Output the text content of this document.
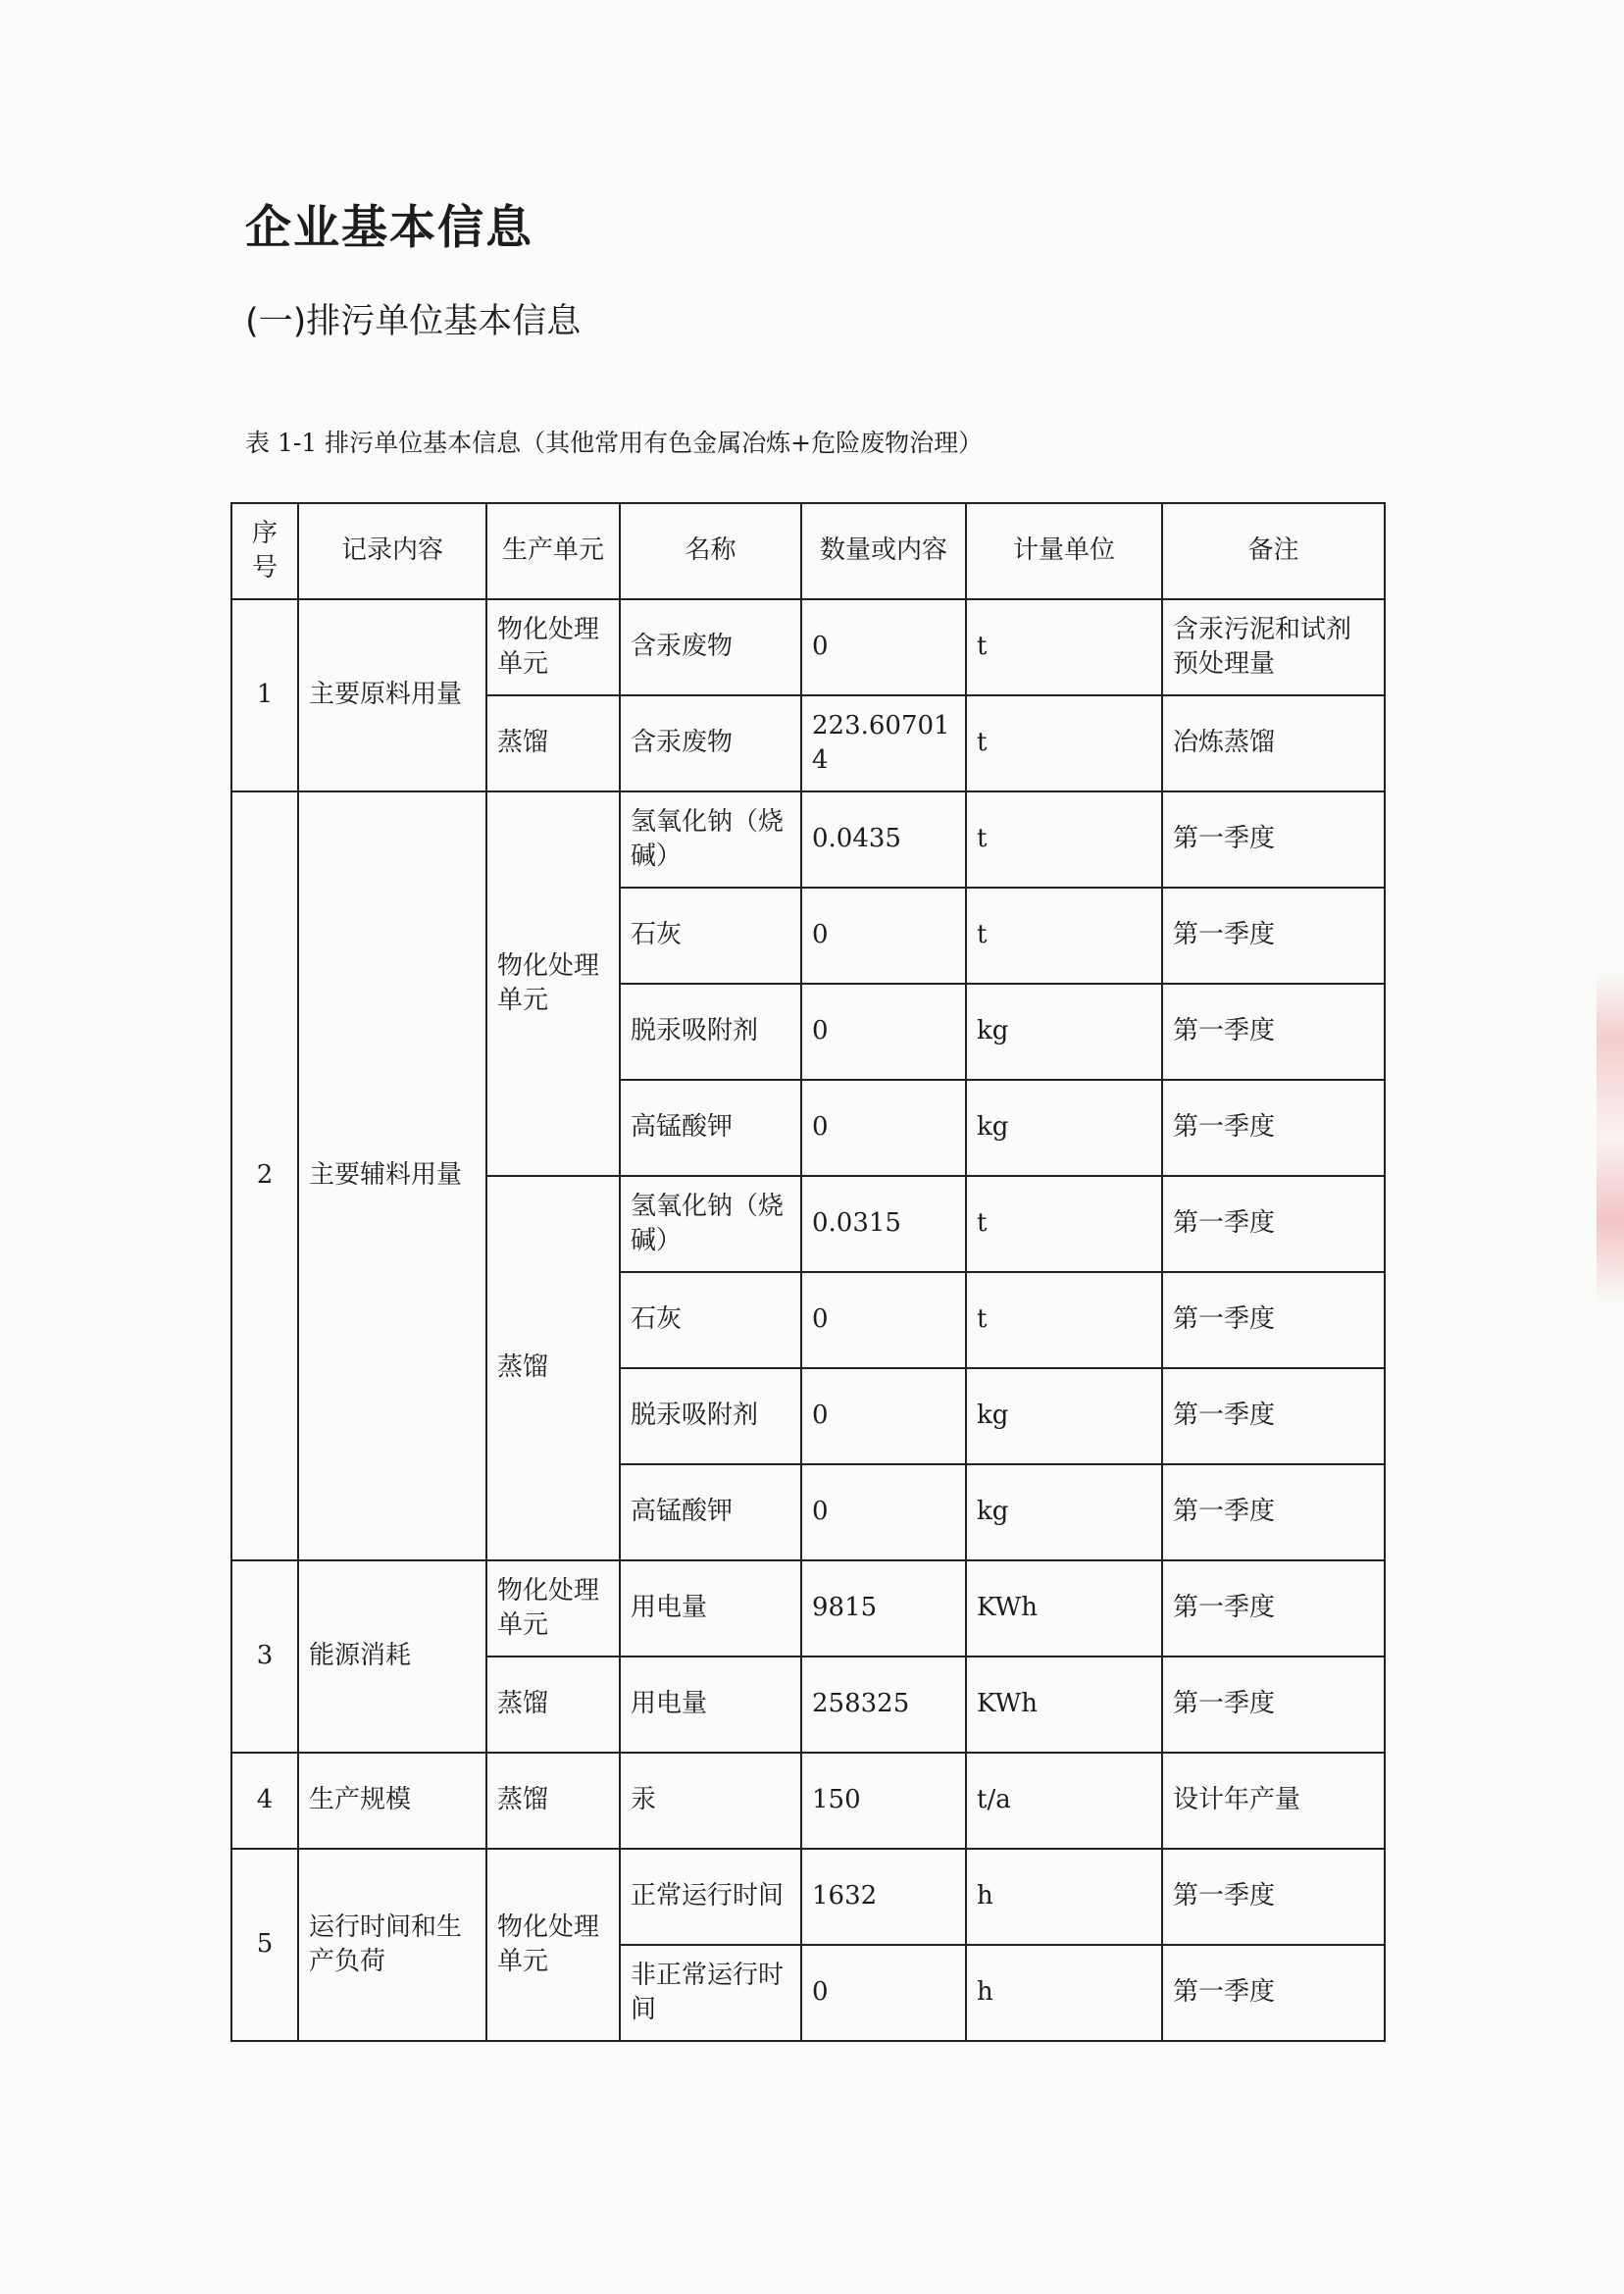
企业基本信息
(一)排污单位基本信息
表 1-1 排污单位基本信息（其他常用有色金属冶炼+危险废物治理）
序号	记录内容	生产单元	名称	数量或内容	计量单位	备注
1	主要原料用量	物化处理单元	含汞废物	0	t	含汞污泥和试剂预处理量
		蒸馏	含汞废物	223.607014	t	冶炼蒸馏
2	主要辅料用量	物化处理单元	氢氧化钠（烧碱）	0.0435	t	第一季度
			石灰	0	t	第一季度
			脱汞吸附剂	0	kg	第一季度
			高锰酸钾	0	kg	第一季度
		蒸馏	氢氧化钠（烧碱）	0.0315	t	第一季度
			石灰	0	t	第一季度
			脱汞吸附剂	0	kg	第一季度
			高锰酸钾	0	kg	第一季度
3	能源消耗	物化处理单元	用电量	9815	KWh	第一季度
		蒸馏	用电量	258325	KWh	第一季度
4	生产规模	蒸馏	汞	150	t/a	设计年产量
5	运行时间和生产负荷	物化处理单元	正常运行时间	1632	h	第一季度
			非正常运行时间	0	h	第一季度
